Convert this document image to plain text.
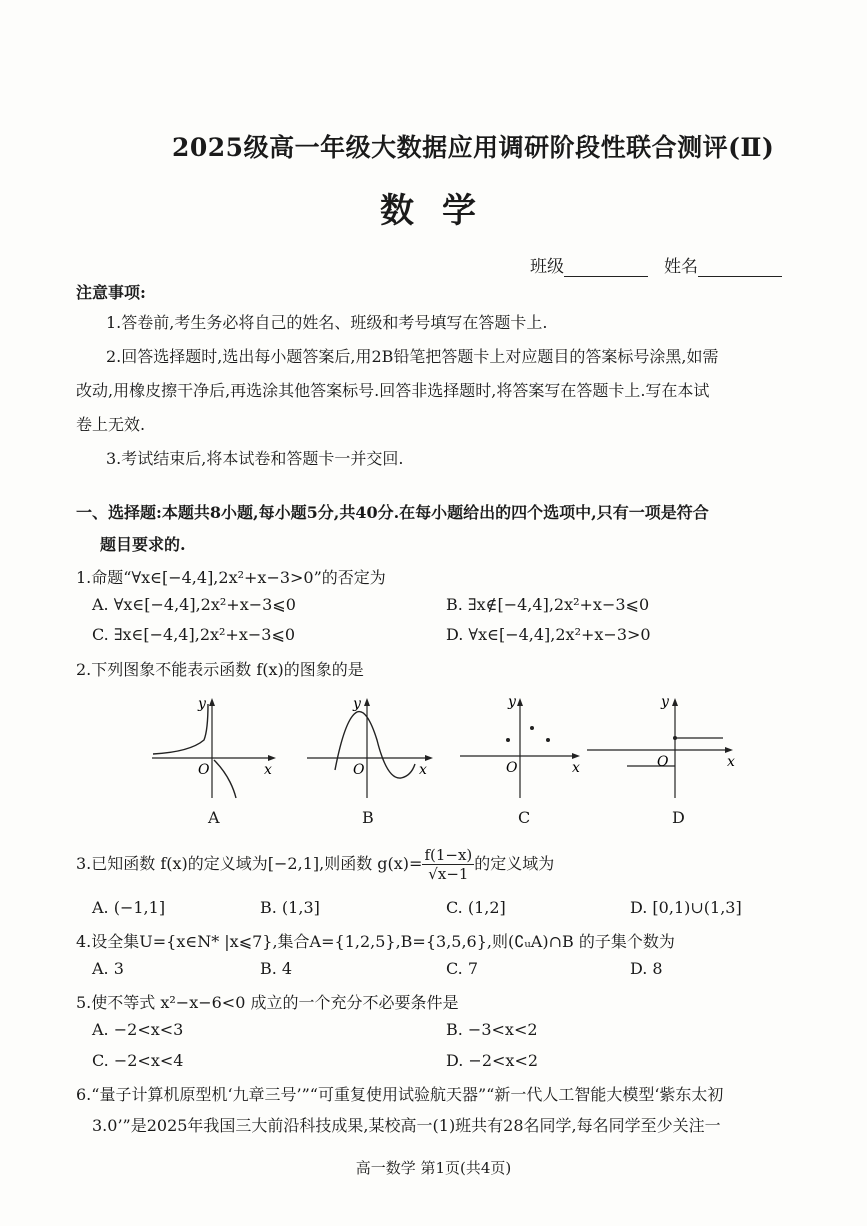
2025级高一年级大数据应用调研阶段性联合测评(Ⅱ)
数学
班级	姓名
注意事项:
1.答卷前,考生务必将自己的姓名、班级和考号填写在答题卡上.
2.回答选择题时,选出每小题答案后,用2B铅笔把答题卡上对应题目的答案标号涂黑,如需
改动,用橡皮擦干净后,再选涂其他答案标号.回答非选择题时,将答案写在答题卡上.写在本试
卷上无效.
3.考试结束后,将本试卷和答题卡一并交回.
一、选择题:本题共8小题,每小题5分,共40分.在每小题给出的四个选项中,只有一项是符合
题目要求的.
1.命题“∀x∈[−4,4],2x²+x−3>0”的否定为
A. ∀x∈[−4,4],2x²+x−3⩽0	B. ∃x∉[−4,4],2x²+x−3⩽0
C. ∃x∈[−4,4],2x²+x−3⩽0	D. ∀x∈[−4,4],2x²+x−3>0
2.下列图象不能表示函数 f(x)的图象的是
y
O	x
A
y
O	x
B
y
O	x
C
y
O	x
D
3.已知函数 f(x)的定义域为[−2,1],则函数 $g(x)= \frac{f(1-x)}{√x-1}$ 的定义域为
A. (−1,1]	B. (1,3]	C. (1,2]	D. [0,1)∪(1,3]
4.设全集U={x∈N* |x⩽7},集合A={1,2,5},B={3,5,6},则(∁ᵤA)∩B 的子集个数为
A. 3	B. 4	C. 7	D. 8
5.使不等式 x²−x−6<0 成立的一个充分不必要条件是
A. −2<x<3	B. −3<x<2
C. −2<x<4	D. −2<x<2
6.“量子计算机原型机‘九章三号’”“可重复使用试验航天器”“新一代人工智能大模型‘紫东太初
3.0’”是2025年我国三大前沿科技成果,某校高一(1)班共有28名同学,每名同学至少关注一
高一数学 第1页(共4页)
